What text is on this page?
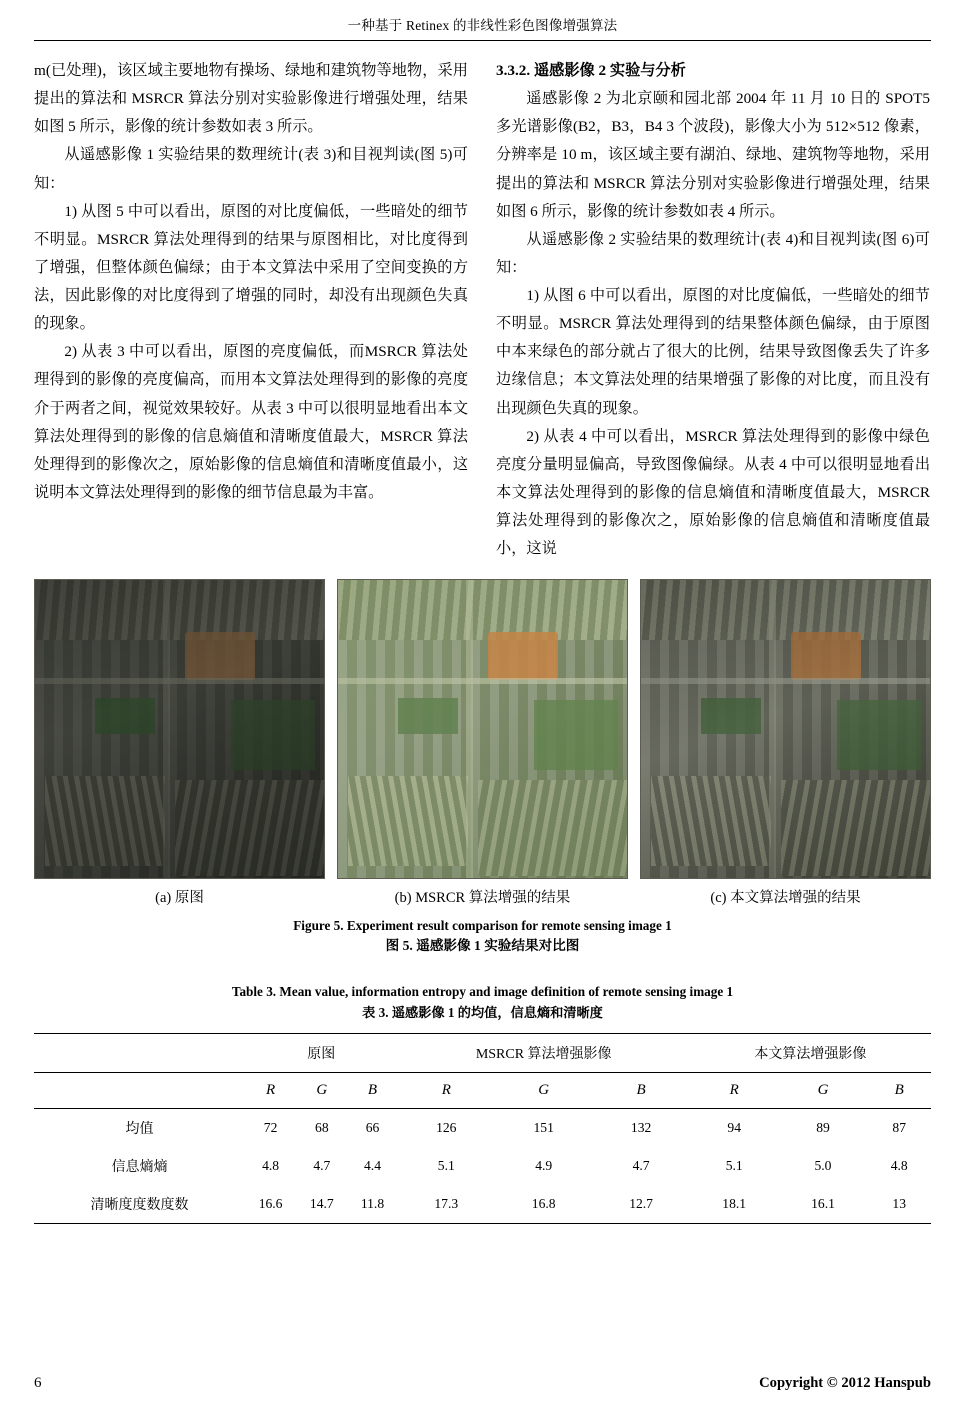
一种基于 Retinex 的非线性彩色图像增强算法

m(已处理)，该区域主要地物有操场、绿地和建筑物等地物，采用提出的算法和 MSRCR 算法分别对实验影像进行增强处理，结果如图 5 所示，影像的统计参数如表 3 所示。

从遥感影像 1 实验结果的数理统计(表 3)和目视判读(图 5)可知：

1) 从图 5 中可以看出，原图的对比度偏低，一些暗处的细节不明显。MSRCR 算法处理得到的结果与原图相比，对比度得到了增强，但整体颜色偏绿；由于本文算法中采用了空间变换的方法，因此影像的对比度得到了增强的同时，却没有出现颜色失真的现象。

2) 从表 3 中可以看出，原图的亮度偏低，而MSRCR 算法处理得到的影像的亮度偏高，而用本文算法处理得到的影像的亮度介于两者之间，视觉效果较好。从表 3 中可以很明显地看出本文算法处理得到的影像的信息熵值和清晰度值最大，MSRCR 算法处理得到的影像次之，原始影像的信息熵值和清晰度值最小，这说明本文算法处理得到的影像的细节信息最为丰富。

3.3.2. 遥感影像 2 实验与分析

遥感影像 2 为北京颐和园北部 2004 年 11 月 10 日的 SPOT5 多光谱影像(B2，B3，B4 3 个波段)，影像大小为 512×512 像素，分辨率是 10 m，该区域主要有湖泊、绿地、建筑物等地物，采用提出的算法和 MSRCR 算法分别对实验影像进行增强处理，结果如图 6 所示，影像的统计参数如表 4 所示。

从遥感影像 2 实验结果的数理统计(表 4)和目视判读(图 6)可知：

1) 从图 6 中可以看出，原图的对比度偏低，一些暗处的细节不明显。MSRCR 算法处理得到的结果整体颜色偏绿，由于原图中本来绿色的部分就占了很大的比例，结果导致图像丢失了许多边缘信息；本文算法处理的结果增强了影像的对比度，而且没有出现颜色失真的现象。

2) 从表 4 中可以看出，MSRCR 算法处理得到的影像中绿色亮度分量明显偏高，导致图像偏绿。从表 4 中可以很明显地看出本文算法处理得到的影像的信息熵值和清晰度值最大，MSRCR 算法处理得到的影像次之，原始影像的信息熵值和清晰度值最小，这说

(a) 原图	(b) MSRCR 算法增强的结果	(c) 本文算法增强的结果
Figure 5. Experiment result comparison for remote sensing image 1
图 5. 遥感影像 1 实验结果对比图
Table 3. Mean value, information entropy and image definition of remote sensing image 1
表 3. 遥感影像 1 的均值，信息熵和清晰度
	原图			MSRCR 算法增强影像			本文算法增强影像		
	R	G	B	R	G	B	R	G	B
均值	72	68	66	126	151	132	94	89	87
信息熵熵	4.8	4.7	4.4	5.1	4.9	4.7	5.1	5.0	4.8
清晰度度数度数	16.6	14.7	11.8	17.3	16.8	12.7	18.1	16.1	13
6	Copyright © 2012 Hanspub
